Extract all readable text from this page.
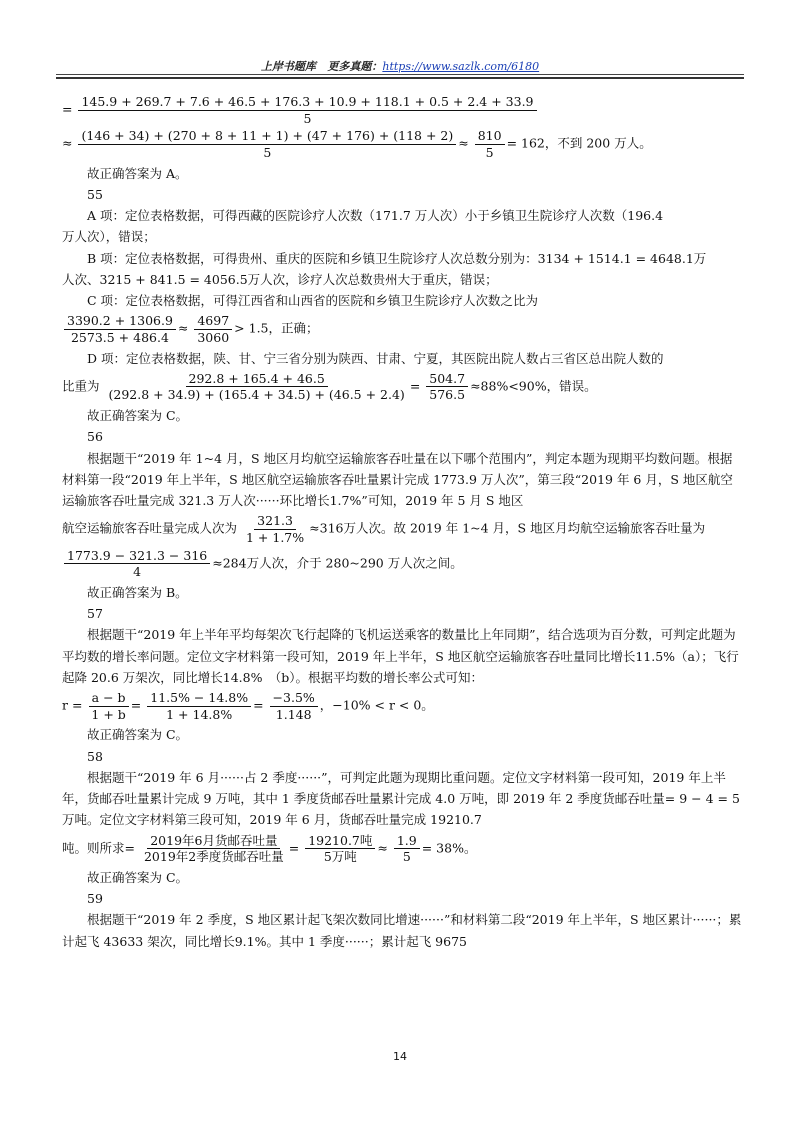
上岸书题库 更多真题：https://www.sazlk.com/6180
=
145.9 + 269.7 + 7.6 + 46.5 + 176.3 + 10.9 + 118.1 + 0.5 + 2.4 + 33.9
5
≈ $\frac{(146 + 34) + (270 + 8 + 11 + 1) + (47 + 176) + (118 + 2)}{5} \approx \frac{810}{5} = 162$，不到 200 万人。

故正确答案为 A。

55

A 项：定位表格数据，可得西藏的医院诊疗人次数（171.7 万人次）小于乡镇卫生院诊疗人次数（196.4

万人次），错误；

B 项：定位表格数据，可得贵州、重庆的医院和乡镇卫生院诊疗人次总数分别为：3134 + 1514.1 = 4648.1万

人次、3215 + 841.5 = 4056.5万人次，诊疗人次总数贵州大于重庆，错误；

C 项：定位表格数据，可得江西省和山西省的医院和乡镇卫生院诊疗人次数之比为

$\frac{3390.2 + 1306.9}{2573.5 + 486.4} \approx \frac{4697}{3060} > 1.5$，正确；

D 项：定位表格数据，陕、甘、宁三省分别为陕西、甘肃、宁夏，其医院出院人数占三省区总出院人数的

比重为 $\frac{292.8 + 165.4 + 46.5}{(292.8 + 34.9) + (165.4 + 34.5) + (46.5 + 2.4)} = \frac{504.7}{576.5} \approx 88\%<90\%$，错误。

故正确答案为 C。

56

根据题干“2019 年 1~4 月，S 地区月均航空运输旅客吞吐量在以下哪个范围内”，判定本题为现期平均数问题。根据材料第一段“2019 年上半年，S 地区航空运输旅客吞吐量累计完成 1773.9 万人次”，第三段“2019 年 6 月，S 地区航空运输旅客吞吐量完成 321.3 万人次······环比增长1.7%”可知，2019 年 5 月 S 地区

航空运输旅客吞吐量完成人次为 $\frac{321.3}{1 + 1.7\%} \approx 316$万人次。故 2019 年 1~4 月，S 地区月均航空运输旅客吞吐量为
$\frac{1773.9 - 321.3 - 316}{4} \approx 284$万人次，介于 280~290 万人次之间。

故正确答案为 B。

57

根据题干“2019 年上半年平均每架次飞行起降的飞机运送乘客的数量比上年同期”，结合选项为百分数，可判定此题为平均数的增长率问题。定位文字材料第一段可知，2019 年上半年，S 地区航空运输旅客吞吐量同比增长11.5%（a）；飞行起降 20.6 万架次，同比增长14.8%　（b）。根据平均数的增长率公式可知：

$r = \frac{a - b}{1 + b} = \frac{11.5\% - 14.8\%}{1 + 14.8\%} = \frac{-3.5\%}{1.148}$ ，−10% < r < 0。

故正确答案为 C。

58

根据题干“2019 年 6 月······占 2 季度······”，可判定此题为现期比重问题。定位文字材料第一段可知，2019 年上半年，货邮吞吐量累计完成 9 万吨，其中 1 季度货邮吞吐量累计完成 4.0 万吨，即 2019 年 2 季度货邮吞吐量= 9 − 4 = 5万吨。定位文字材料第三段可知，2019 年 6 月，货邮吞吐量完成 19210.7

吨。则所求= $\frac{\text{2019年6月货邮吞吐量}}{\text{2019年2季度货邮吞吐量}} = \frac{\text{19210.7吨}}{\text{5万吨}} \approx \frac{1.9}{5} = 38\%$。

故正确答案为 C。

59

根据题干“2019 年 2 季度，S 地区累计起飞架次数同比增速······”和材料第二段“2019 年上半年，S 地区累计······；累计起飞 43633 架次，同比增长9.1%。其中 1 季度······；累计起飞 9675

14
